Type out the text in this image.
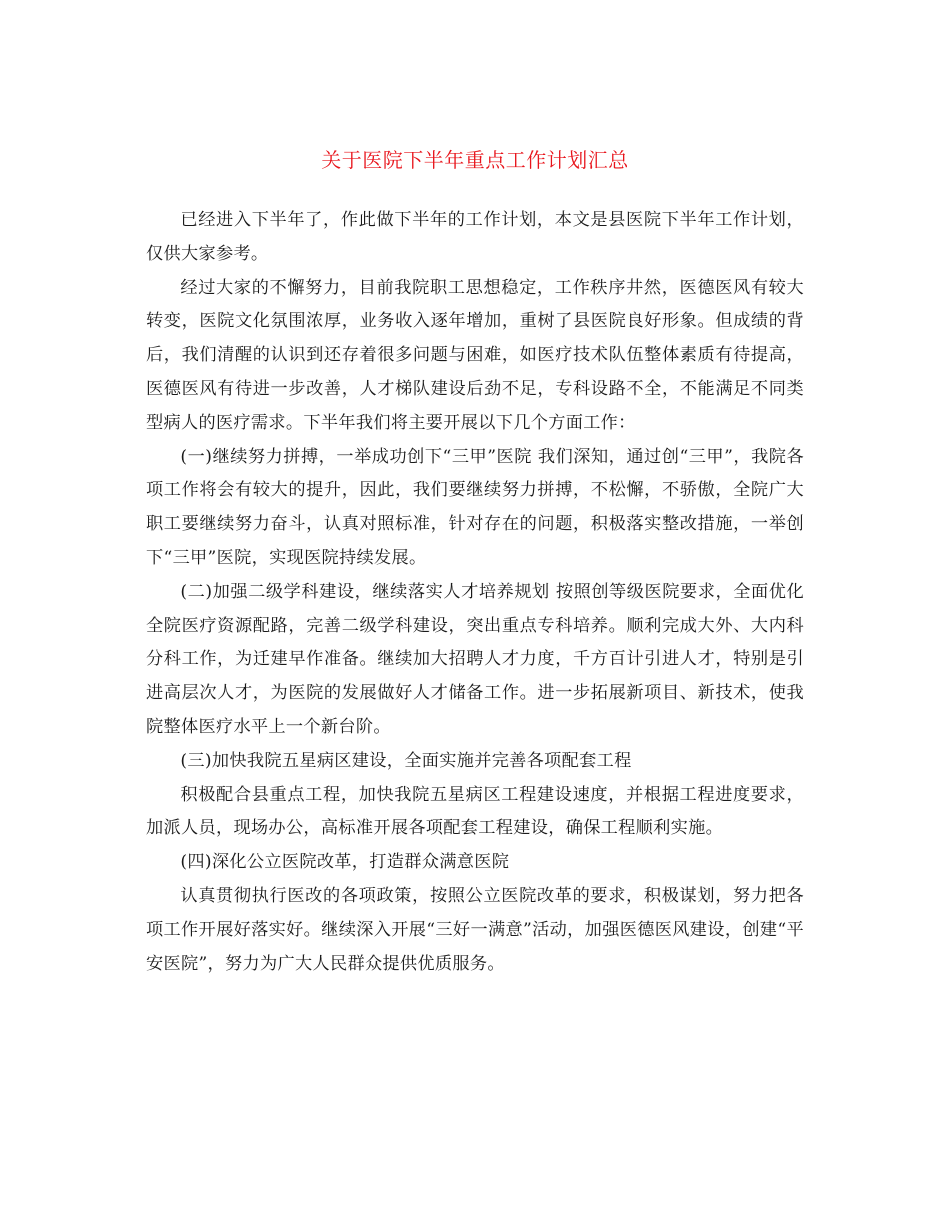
关于医院下半年重点工作计划汇总

已经进入下半年了，作此做下半年的工作计划，本文是县医院下半年工作计划，仅供大家参考。

经过大家的不懈努力，目前我院职工思想稳定，工作秩序井然，医德医风有较大转变，医院文化氛围浓厚，业务收入逐年增加，重树了县医院良好形象。但成绩的背后，我们清醒的认识到还存着很多问题与困难，如医疗技术队伍整体素质有待提高，医德医风有待进一步改善，人才梯队建设后劲不足，专科设路不全，不能满足不同类型病人的医疗需求。下半年我们将主要开展以下几个方面工作：

(一)继续努力拼搏，一举成功创下“三甲”医院 我们深知，通过创“三甲”，我院各项工作将会有较大的提升，因此，我们要继续努力拼搏，不松懈，不骄傲，全院广大职工要继续努力奋斗，认真对照标准，针对存在的问题，积极落实整改措施，一举创下“三甲”医院，实现医院持续发展。

(二)加强二级学科建设，继续落实人才培养规划 按照创等级医院要求，全面优化全院医疗资源配路，完善二级学科建设，突出重点专科培养。顺利完成大外、大内科分科工作，为迁建早作准备。继续加大招聘人才力度，千方百计引进人才，特别是引进高层次人才，为医院的发展做好人才储备工作。进一步拓展新项目、新技术，使我院整体医疗水平上一个新台阶。

(三)加快我院五星病区建设，全面实施并完善各项配套工程

积极配合县重点工程，加快我院五星病区工程建设速度，并根据工程进度要求，加派人员，现场办公，高标准开展各项配套工程建设，确保工程顺利实施。

(四)深化公立医院改革，打造群众满意医院

认真贯彻执行医改的各项政策，按照公立医院改革的要求，积极谋划，努力把各项工作开展好落实好。继续深入开展“三好一满意”活动，加强医德医风建设，创建“平安医院”，努力为广大人民群众提供优质服务。
